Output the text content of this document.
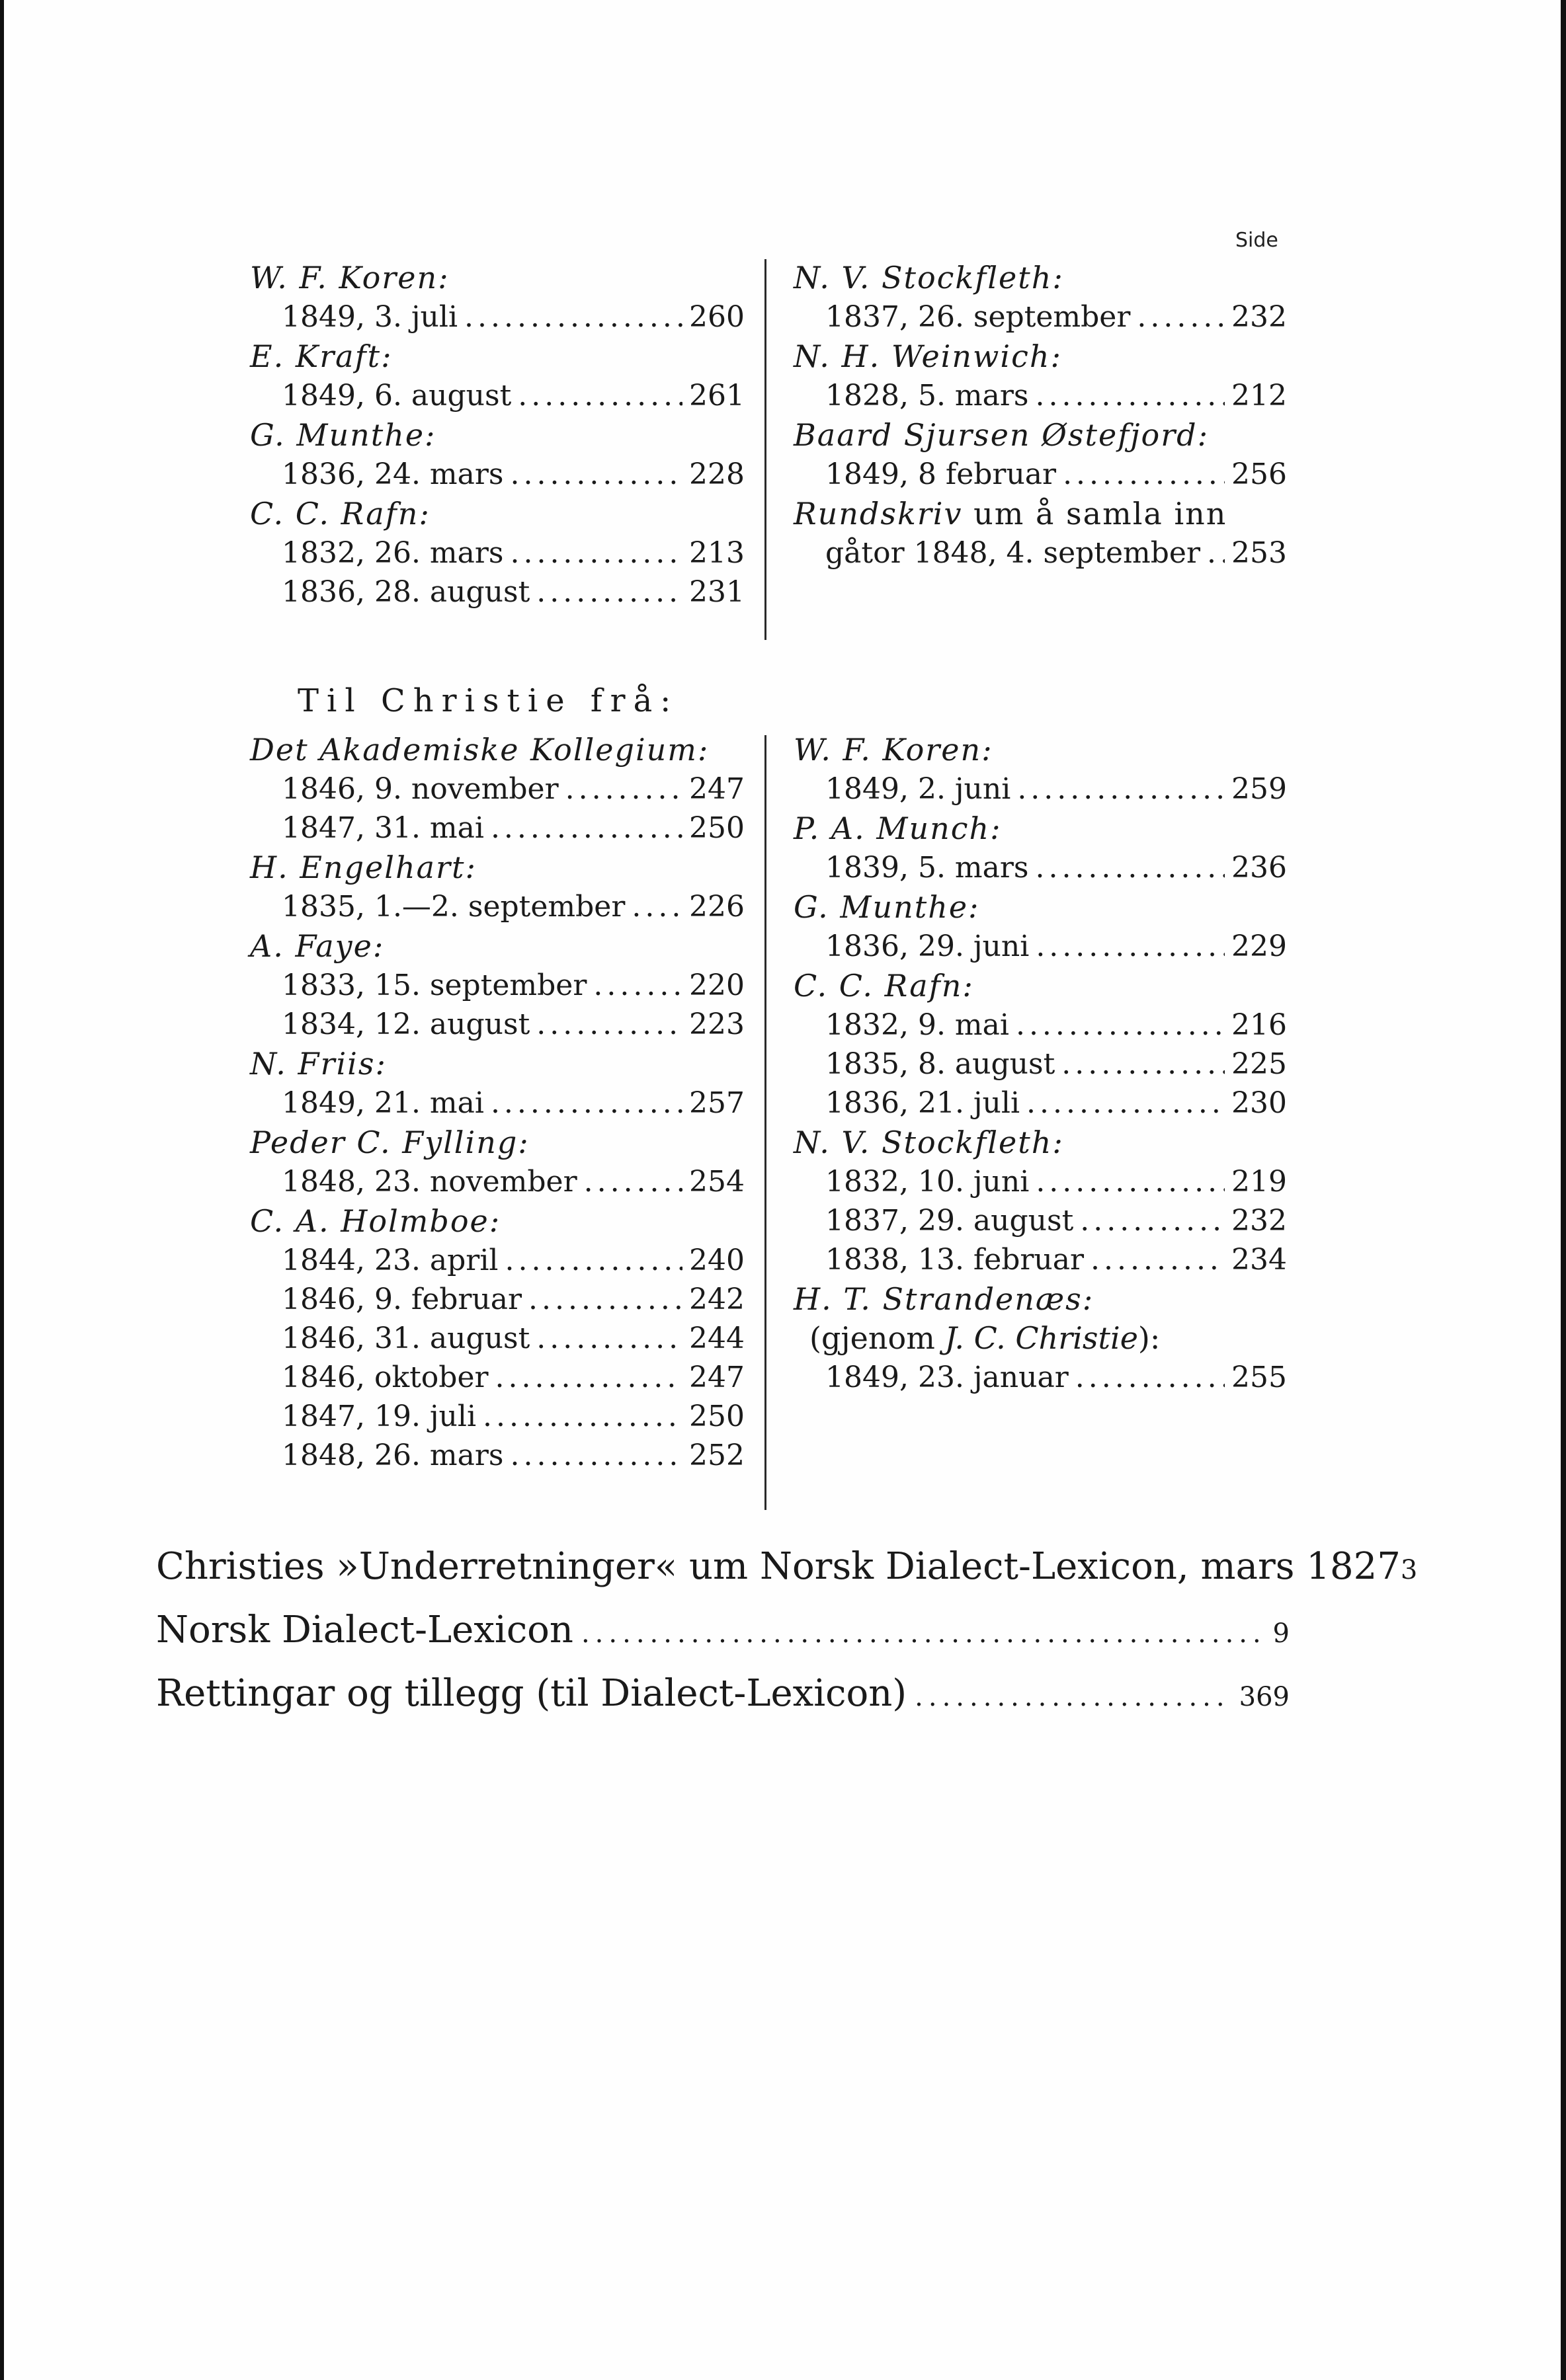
Side
W. F. Koren:
1849, 3. juli .....	260
E. Kraft:
1849, 6. august .....	261
G. Munthe:
1836, 24. mars .....	228
C. C. Rafn:
1832, 26. mars .....	213
1836, 28. august .....	231
N. V. Stockfleth:
1837, 26. september .....	232
N. H. Weinwich:
1828, 5. mars .....	212
Baard Sjursen Østefjord:
1849, 8 februar .....	256
Rundskriv um å samla inn
gåtor 1848, 4. september ..... 253
Til Christie frå:
Det Akademiske Kollegium:
1846, 9. november .....	247
1847, 31. mai .....	250
H. Engelhart:
1835, 1.—2. september ..... 226
A. Faye:
1833, 15. september .....	220
1834, 12. august .....	223
N. Friis:
1849, 21. mai .....	257
Peder C. Fylling:
1848, 23. november .....	254
C. A. Holmboe:
1844, 23. april .....	240
1846, 9. februar .....	242
1846, 31. august .....	244
1846, oktober .....	247
1847, 19. juli .....	250
1848, 26. mars .....	252
W. F. Koren:
1849, 2. juni .....	259
P. A. Munch:
1839, 5. mars .....	236
G. Munthe:
1836, 29. juni .....	229
C. C. Rafn:
1832, 9. mai .....	216
1835, 8. august .....	225
1836, 21. juli .....	230
N. V. Stockfleth:
1832, 10. juni .....	219
1837, 29. august .....	232
1838, 13. februar .....	234
H. T. Strandenæs:
(gjenom J. C. Christie):
1849, 23. januar .....	255
Christies »Underretninger« um Norsk Dialect-Lexicon, mars 1827 3
Norsk Dialect-Lexicon .....	9
Rettingar og tillegg (til Dialect-Lexicon) .....	369
